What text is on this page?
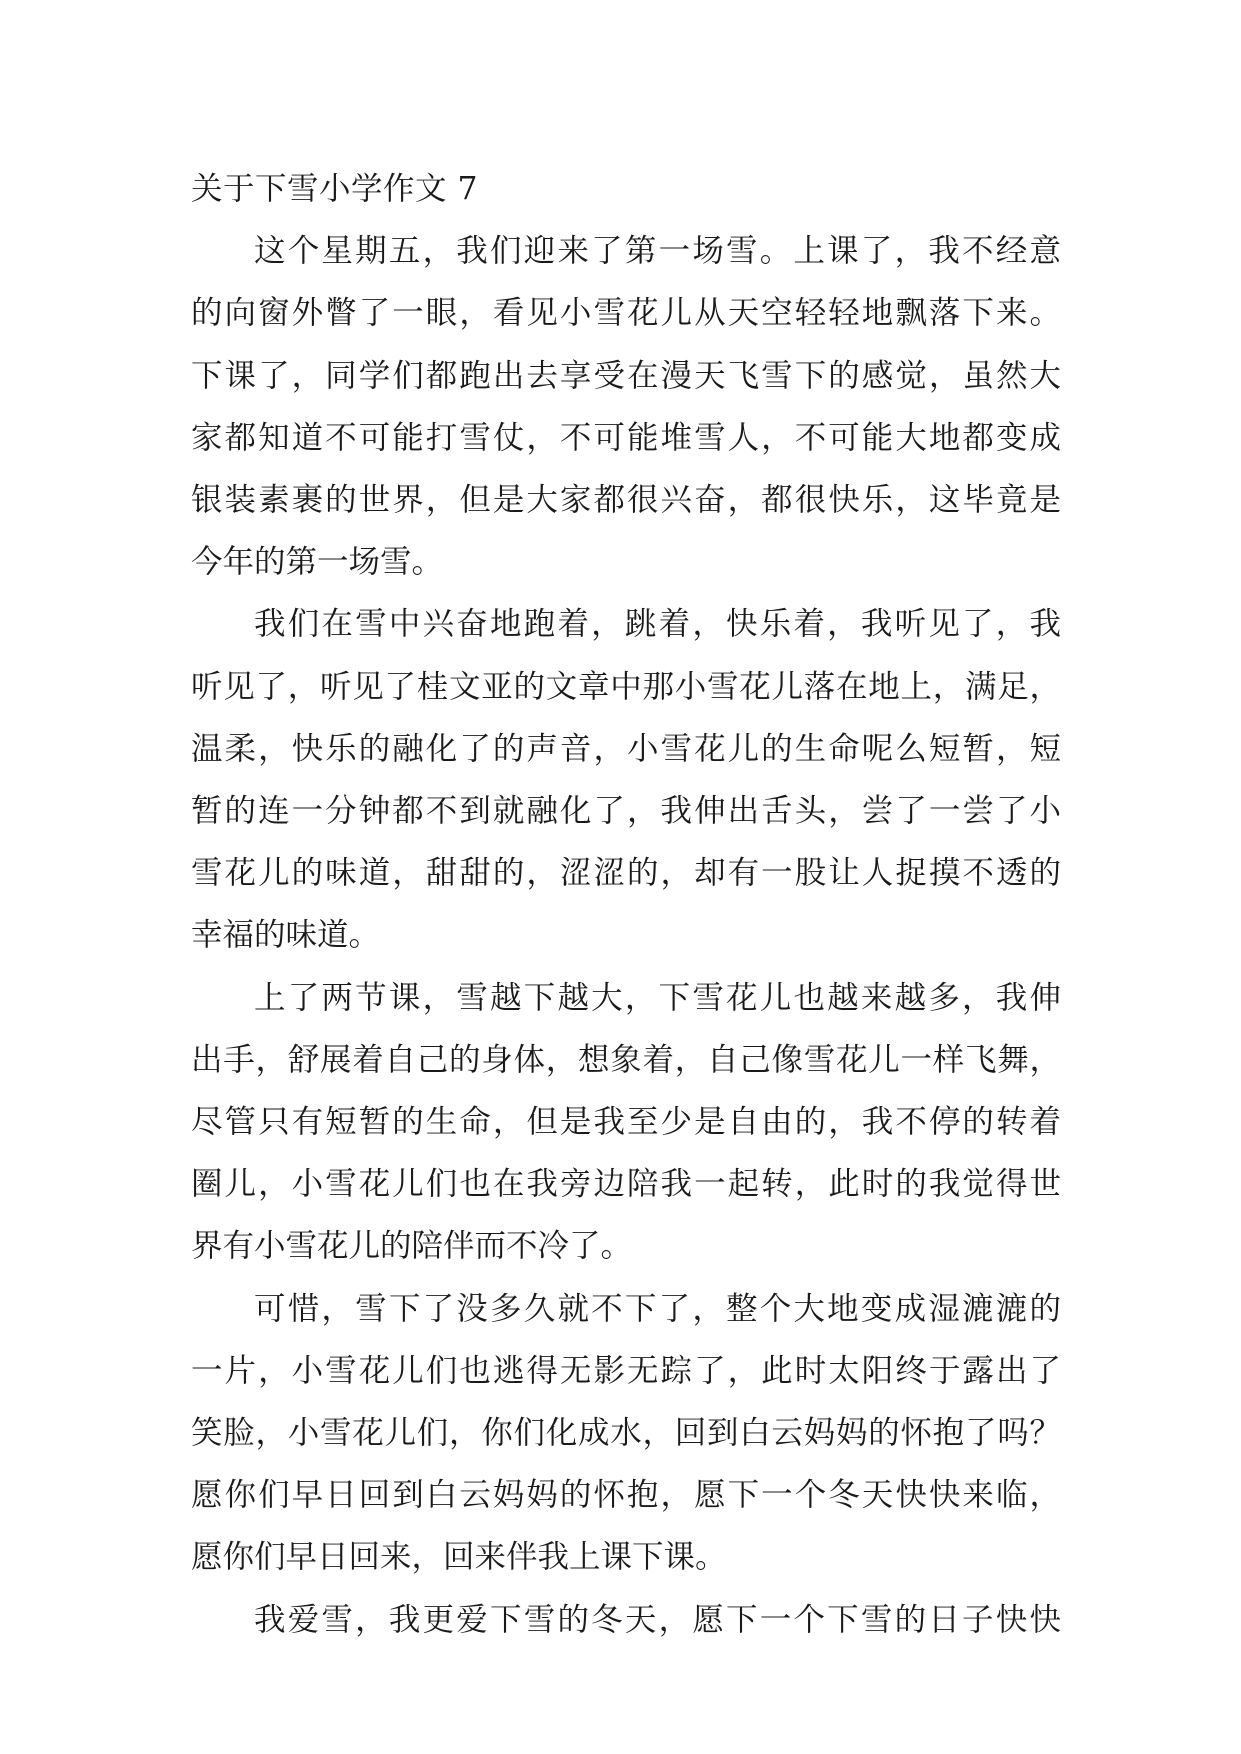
关于下雪小学作文 7
这个星期五，我们迎来了第一场雪。上课了，我不经意
的向窗外瞥了一眼，看见小雪花儿从天空轻轻地飘落下来。
下课了，同学们都跑出去享受在漫天飞雪下的感觉，虽然大
家都知道不可能打雪仗，不可能堆雪人，不可能大地都变成
银装素裹的世界，但是大家都很兴奋，都很快乐，这毕竟是
今年的第一场雪。
我们在雪中兴奋地跑着，跳着，快乐着，我听见了，我
听见了，听见了桂文亚的文章中那小雪花儿落在地上，满足，
温柔，快乐的融化了的声音，小雪花儿的生命呢么短暂，短
暂的连一分钟都不到就融化了，我伸出舌头，尝了一尝了小
雪花儿的味道，甜甜的，涩涩的，却有一股让人捉摸不透的
幸福的味道。
上了两节课，雪越下越大，下雪花儿也越来越多，我伸
出手，舒展着自己的身体，想象着，自己像雪花儿一样飞舞，
尽管只有短暂的生命，但是我至少是自由的，我不停的转着
圈儿，小雪花儿们也在我旁边陪我一起转，此时的我觉得世
界有小雪花儿的陪伴而不冷了。
可惜，雪下了没多久就不下了，整个大地变成湿漉漉的
一片，小雪花儿们也逃得无影无踪了，此时太阳终于露出了
笑脸，小雪花儿们，你们化成水，回到白云妈妈的怀抱了吗？
愿你们早日回到白云妈妈的怀抱，愿下一个冬天快快来临，
愿你们早日回来，回来伴我上课下课。
我爱雪，我更爱下雪的冬天，愿下一个下雪的日子快快
